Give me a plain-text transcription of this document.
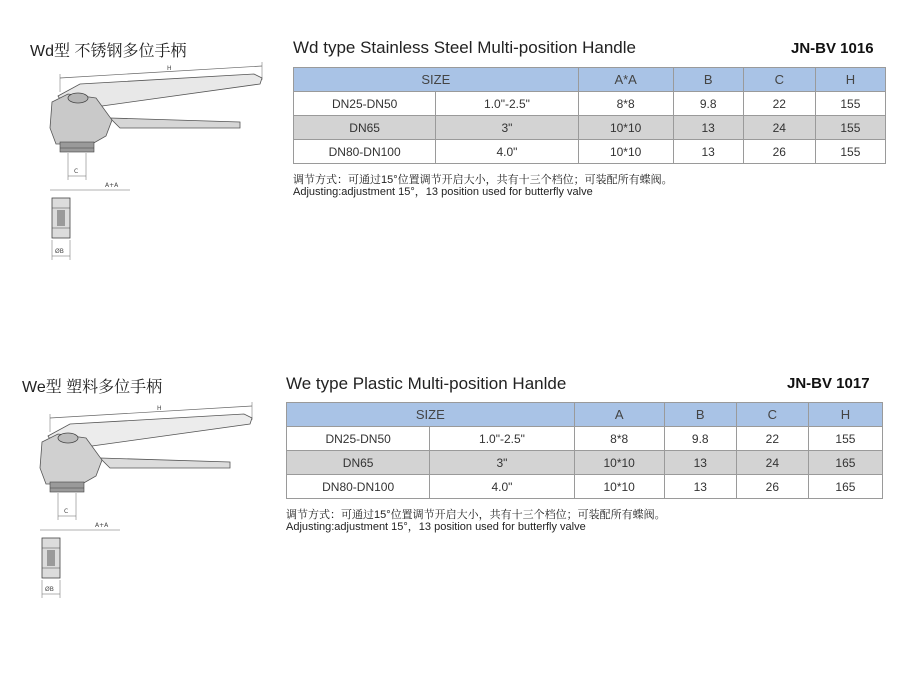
Wd型 不锈钢多位手柄	Wd type Stainless Steel Multi-position Handle	JN-BV 1016
H
C
A+A
ØB
SIZE		A*A	B	C	H
DN25-DN50	1.0"-2.5"	8*8	9.8	22	155
DN65	3"	10*10	13	24	155
DN80-DN100	4.0"	10*10	13	26	155
调节方式：可通过15°位置调节开启大小，共有十三个档位；可装配所有蝶阀。
Adjusting:adjustment 15°，13 position used for butterfly valve
We型 塑料多位手柄	We type Plastic Multi-position Hanlde	JN-BV 1017
H
C
A+A
ØB
SIZE		A	B	C	H
DN25-DN50	1.0"-2.5"	8*8	9.8	22	155
DN65	3"	10*10	13	24	165
DN80-DN100	4.0"	10*10	13	26	165
调节方式：可通过15°位置调节开启大小，共有十三个档位；可装配所有蝶阀。
Adjusting:adjustment 15°，13 position used for butterfly valve
